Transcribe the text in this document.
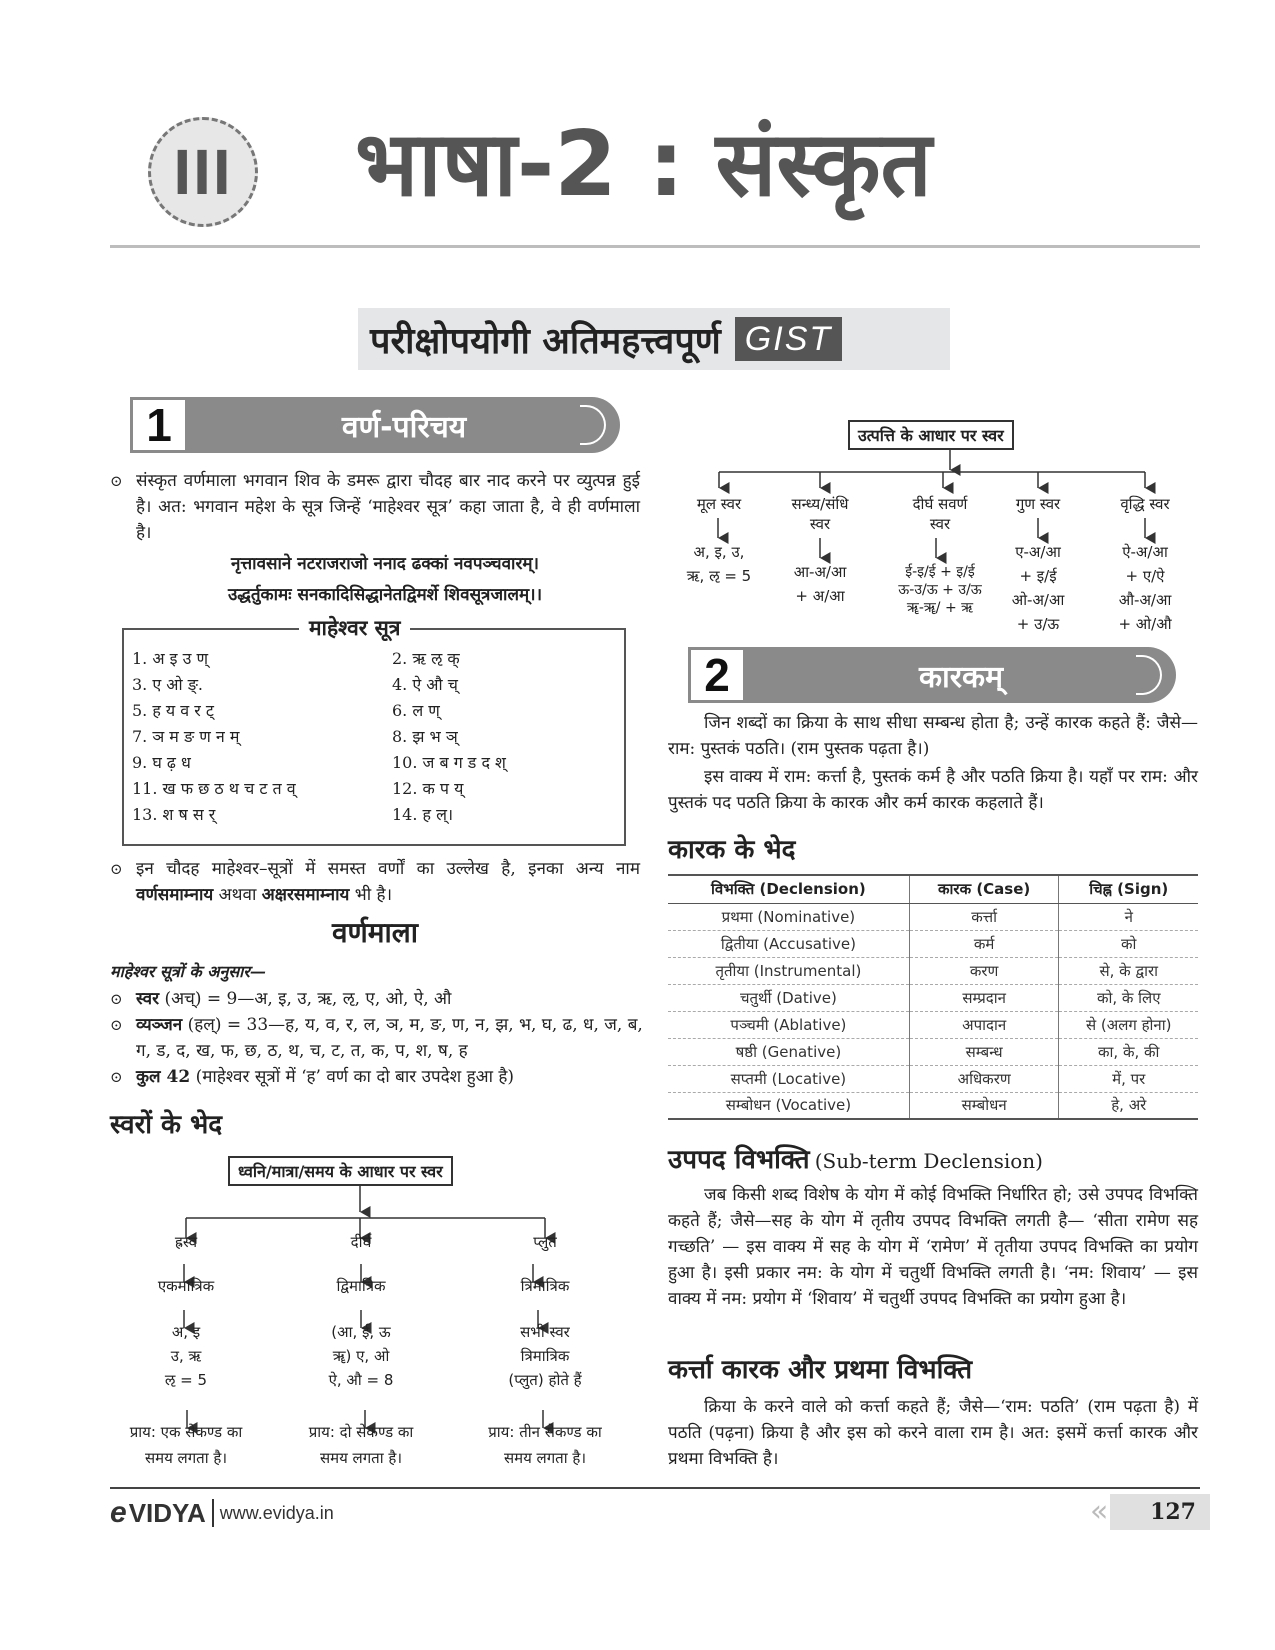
III भाषा-2 : संस्कृत
परीक्षोपयोगी अतिमहत्त्वपूर्ण GIST
1	वर्ण-परिचय
⊙ संस्कृत वर्णमाला भगवान शिव के डमरू द्वारा चौदह बार नाद करने पर व्युत्पन्न हुई है। अत: भगवान महेश के सूत्र जिन्हें ‘माहेश्वर सूत्र’ कहा जाता है, वे ही वर्णमाला है।
नृत्तावसाने नटराजराजो ननाद ढक्कां नवपञ्चवारम्।
उद्धर्तुकामः सनकादिसिद्धानेतद्विमर्शे शिवसूत्रजालम्।।
माहेश्वर सूत्र
1. अ इ उ ण्	2. ऋ ऌ क्
3. ए ओ ङ्.	4. ऐ औ च्
5. ह य व र ट्	6. ल ण्
7. ञ म ङ ण न म्	8. झ भ ञ्
9. घ ढ़ ध	10. ज ब ग ड द श्
11. ख फ छ ठ थ च ट त व्	12. क प य्
13. श ष स र्	14. ह ल्।
⊙ इन चौदह माहेश्वर–सूत्रों में समस्त वर्णों का उल्लेख है, इनका अन्य नाम वर्णसमाम्नाय अथवा अक्षरसमाम्नाय भी है।
वर्णमाला
माहेश्वर सूत्रों के अनुसार—
⊙ स्वर (अच्) = 9—अ, इ, उ, ऋ, ऌ, ए, ओ, ऐ, औ
⊙ व्यञ्जन (हल्) = 33—ह, य, व, र, ल, ञ, म, ङ, ण, न, झ, भ, घ, ढ, ध, ज, ब, ग, ड, द, ख, फ, छ, ठ, थ, च, ट, त, क, प, श, ष, ह
⊙ कुल 42 (माहेश्वर सूत्रों में ‘ह’ वर्ण का दो बार उपदेश हुआ है)
स्वरों के भेद
ध्वनि/मात्रा/समय के आधार पर स्वर
उत्पत्ति के आधार पर स्वर
2	कारकम्
जिन शब्दों का क्रिया के साथ सीधा सम्बन्ध होता है; उन्हें कारक कहते हैं: जैसे— राम: पुस्तकं पठति। (राम पुस्तक पढ़ता है।)
इस वाक्य में राम: कर्त्ता है, पुस्तकं कर्म है और पठति क्रिया है। यहाँ पर राम: और पुस्तकं पद पठति क्रिया के कारक और कर्म कारक कहलाते हैं।
कारक के भेद
विभक्ति (Declension)	कारक (Case)	चिह्न (Sign)
प्रथमा (Nominative)	कर्त्ता	ने
द्वितीया (Accusative)	कर्म	को
तृतीया (Instrumental)	करण	से, के द्वारा
चतुर्थी (Dative)	सम्प्रदान	को, के लिए
पञ्चमी (Ablative)	अपादान	से (अलग होना)
षष्ठी (Genative)	सम्बन्ध	का, के, की
सप्तमी (Locative)	अधिकरण	में, पर
सम्बोधन (Vocative)	सम्बोधन	हे, अरे
उपपद विभक्ति (Sub-term Declension)
जब किसी शब्द विशेष के योग में कोई विभक्ति निर्धारित हो; उसे उपपद विभक्ति कहते हैं; जैसे—सह के योग में तृतीय उपपद विभक्ति लगती है— ‘सीता रामेण सह गच्छति’ — इस वाक्य में सह के योग में ‘रामेण’ में तृतीया उपपद विभक्ति का प्रयोग हुआ है। इसी प्रकार नम: के योग में चतुर्थी विभक्ति लगती है। ‘नम: शिवाय’ — इस वाक्य में नम: प्रयोग में ‘शिवाय’ में चतुर्थी उपपद विभक्ति का प्रयोग हुआ है।
कर्त्ता कारक और प्रथमा विभक्ति
क्रिया के करने वाले को कर्त्ता कहते हैं; जैसे—‘राम: पठति’ (राम पढ़ता है) में पठति (पढ़ना) क्रिया है और इस को करने वाला राम है। अत: इसमें कर्त्ता कारक और प्रथमा विभक्ति है।
e VIDYA www.evidya.in	« 127
ह्रस्व
एकमात्रिक
अ, इ
उ, ऋ
ऌ = 5
प्राय: एक सेकण्ड का
समय लगता है।
दीर्घ
द्विमात्रिक
(आ, ई, ऊ
ॠ) ए, ओ
ऐ, औ = 8
प्राय: दो सेकण्ड का
समय लगता है।
प्लुत
त्रिमात्रिक
सभी स्वर
त्रिमात्रिक
(प्लुत) होते हैं
प्राय: तीन सेकण्ड का
समय लगता है।
मूल स्वर
अ, इ, उ,
ऋ, ऌ = 5
सन्ध्य/संधि
स्वर
आ-अ/आ
+ अ/आ
दीर्घ सवर्ण
स्वर
ई-इ/ई + इ/ई
ऊ-उ/ऊ + उ/ऊ
ॠ-ॠ/ + ऋ
गुण स्वर
ए-अ/आ
+ इ/ई
ओ-अ/आ
+ उ/ऊ
वृद्धि स्वर
ऐ-अ/आ
+ ए/ऐ
औ-अ/आ
+ ओ/औ
